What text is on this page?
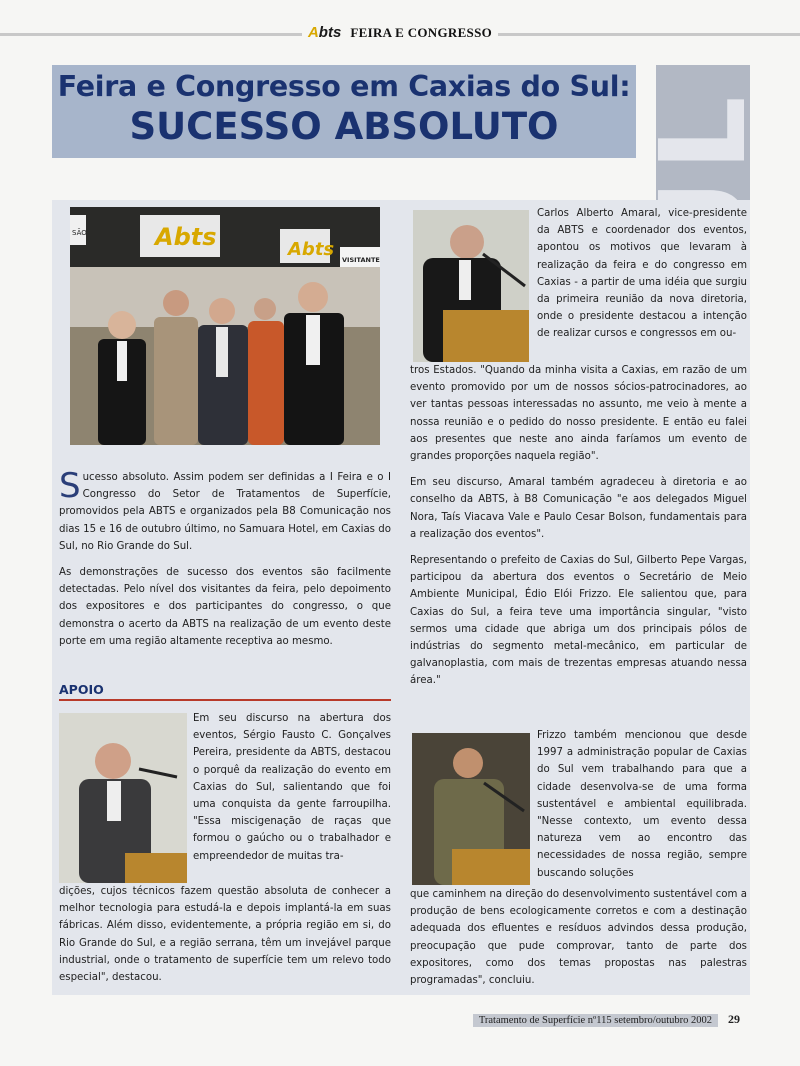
Abts FEIRA E CONGRESSO
Feira e Congresso em Caxias do Sul:
SUCESSO ABSOLUTO
Abts	Abts VISITANTE
SÃO

Sucesso absoluto. Assim podem ser definidas a I Feira e o I Congresso do Setor de Tratamentos de Superfície, promovidos pela ABTS e organizados pela B8 Comunicação nos dias 15 e 16 de outubro último, no Samuara Hotel, em Caxias do Sul, no Rio Grande do Sul.

As demonstrações de sucesso dos eventos são facilmente detectadas. Pelo nível dos visitantes da feira, pelo depoimento dos expositores e dos participantes do congresso, o que demonstra o acerto da ABTS na realização de um evento deste porte em uma região altamente receptiva ao mesmo.

APOIO
Em seu discurso na abertura dos eventos, Sérgio Fausto C. Gonçalves Pereira, presidente da ABTS, destacou o porquê da realização do evento em Caxias do Sul, salientando que foi uma conquista da gente farroupilha. "Essa miscigenação de raças que formou o gaúcho ou o trabalhador e empreendedor de muitas tra-
dições, cujos técnicos fazem questão absoluta de conhecer a melhor tecnologia para estudá-la e depois implantá-la em suas fábricas. Além disso, evidentemente, a própria região em si, do Rio Grande do Sul, e a região serrana, têm um invejável parque industrial, onde o tratamento de superfície tem um relevo todo especial", destacou.
Carlos Alberto Amaral, vice-presidente da ABTS e coordenador dos eventos, apontou os motivos que levaram à realização da feira e do congresso em Caxias - a partir de uma idéia que surgiu da primeira reunião da nova diretoria, onde o presidente destacou a intenção de realizar cursos e congressos em ou-

tros Estados. "Quando da minha visita a Caxias, em razão de um evento promovido por um de nossos sócios-patrocinadores, ao ver tantas pessoas interessadas no assunto, me veio à mente a nossa reunião e o pedido do nosso presidente. E então eu falei aos presentes que neste ano ainda faríamos um evento de grandes proporções naquela região".

Em seu discurso, Amaral também agradeceu à diretoria e ao conselho da ABTS, à B8 Comunicação "e aos delegados Miguel Nora, Taís Viacava Vale e Paulo Cesar Bolson, fundamentais para a realização dos eventos".

Representando o prefeito de Caxias do Sul, Gilberto Pepe Vargas, participou da abertura dos eventos o Secretário de Meio Ambiente Municipal, Édio Elói Frizzo. Ele salientou que, para Caxias do Sul, a feira teve uma importância singular, "visto sermos uma cidade que abriga um dos principais pólos de indústrias do segmento metal-mecânico, em particular de galvanoplastia, com mais de trezentas empresas atuando nessa área."

Frizzo também mencionou que desde 1997 a administração popular de Caxias do Sul vem trabalhando para que a cidade desenvolva-se de uma forma sustentável e ambiental equilibrada. "Nesse contexto, um evento dessa natureza vem ao encontro das necessidades de nossa região, sempre buscando soluções
que caminhem na direção do desenvolvimento sustentável com a produção de bens ecologicamente corretos e com a destinação adequada dos efluentes e resíduos advindos dessa produção, preocupação que pude comprovar, tanto de parte dos expositores, como dos temas propostas nas palestras programadas", concluiu.
Tratamento de Superfície nº115 setembro/outubro 2002 29
